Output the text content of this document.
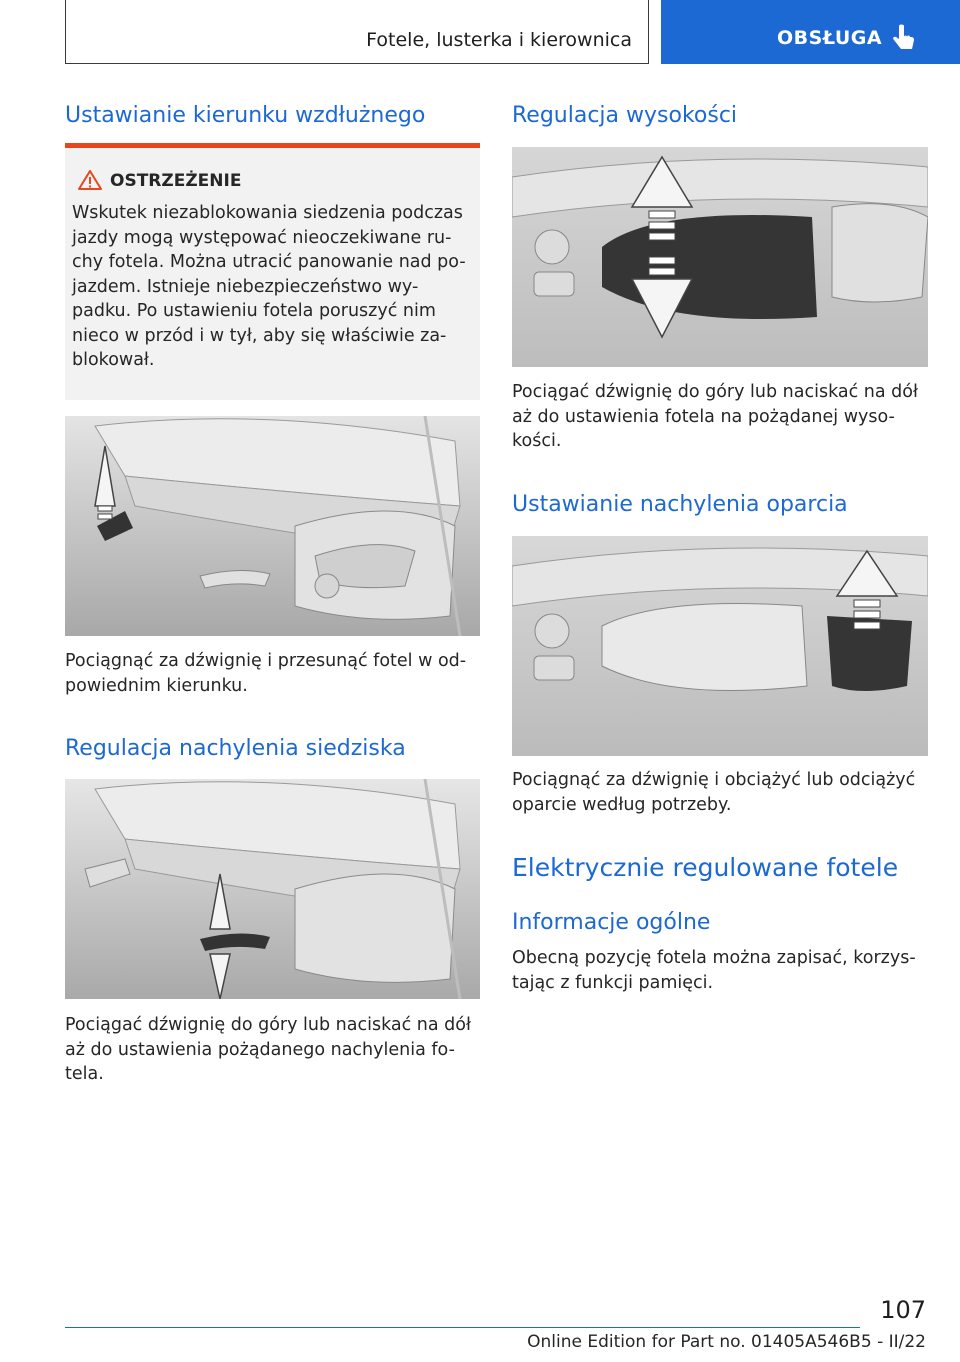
Fotele, lusterka i kierownica	OBSŁUGA
Ustawianie kierunku wzdłużnego
OSTRZEŻENIE

Wskutek niezablokowania siedzenia podczas

jazdy mogą występować nieoczekiwane ru-

chy fotela. Można utracić panowanie nad po-

jazdem. Istnieje niebezpieczeństwo wy-

padku. Po ustawieniu fotela poruszyć nim

nieco w przód i w tył, aby się właściwie za-

blokował.

Pociągnąć za dźwignię i przesunąć fotel w od-

powiednim kierunku.

Regulacja nachylenia siedziska

Pociągać dźwignię do góry lub naciskać na dół

aż do ustawienia pożądanego nachylenia fo-

tela.

Regulacja wysokości

Pociągać dźwignię do góry lub naciskać na dół

aż do ustawienia fotela na pożądanej wyso-

kości.

Ustawianie nachylenia oparcia

Pociągnąć za dźwignię i obciążyć lub odciążyć

oparcie według potrzeby.

Elektrycznie regulowane fotele
Informacje ogólne

Obecną pozycję fotela można zapisać, korzys-

tając z funkcji pamięci.

107
Online Edition for Part no. 01405A546B5 - II/22
